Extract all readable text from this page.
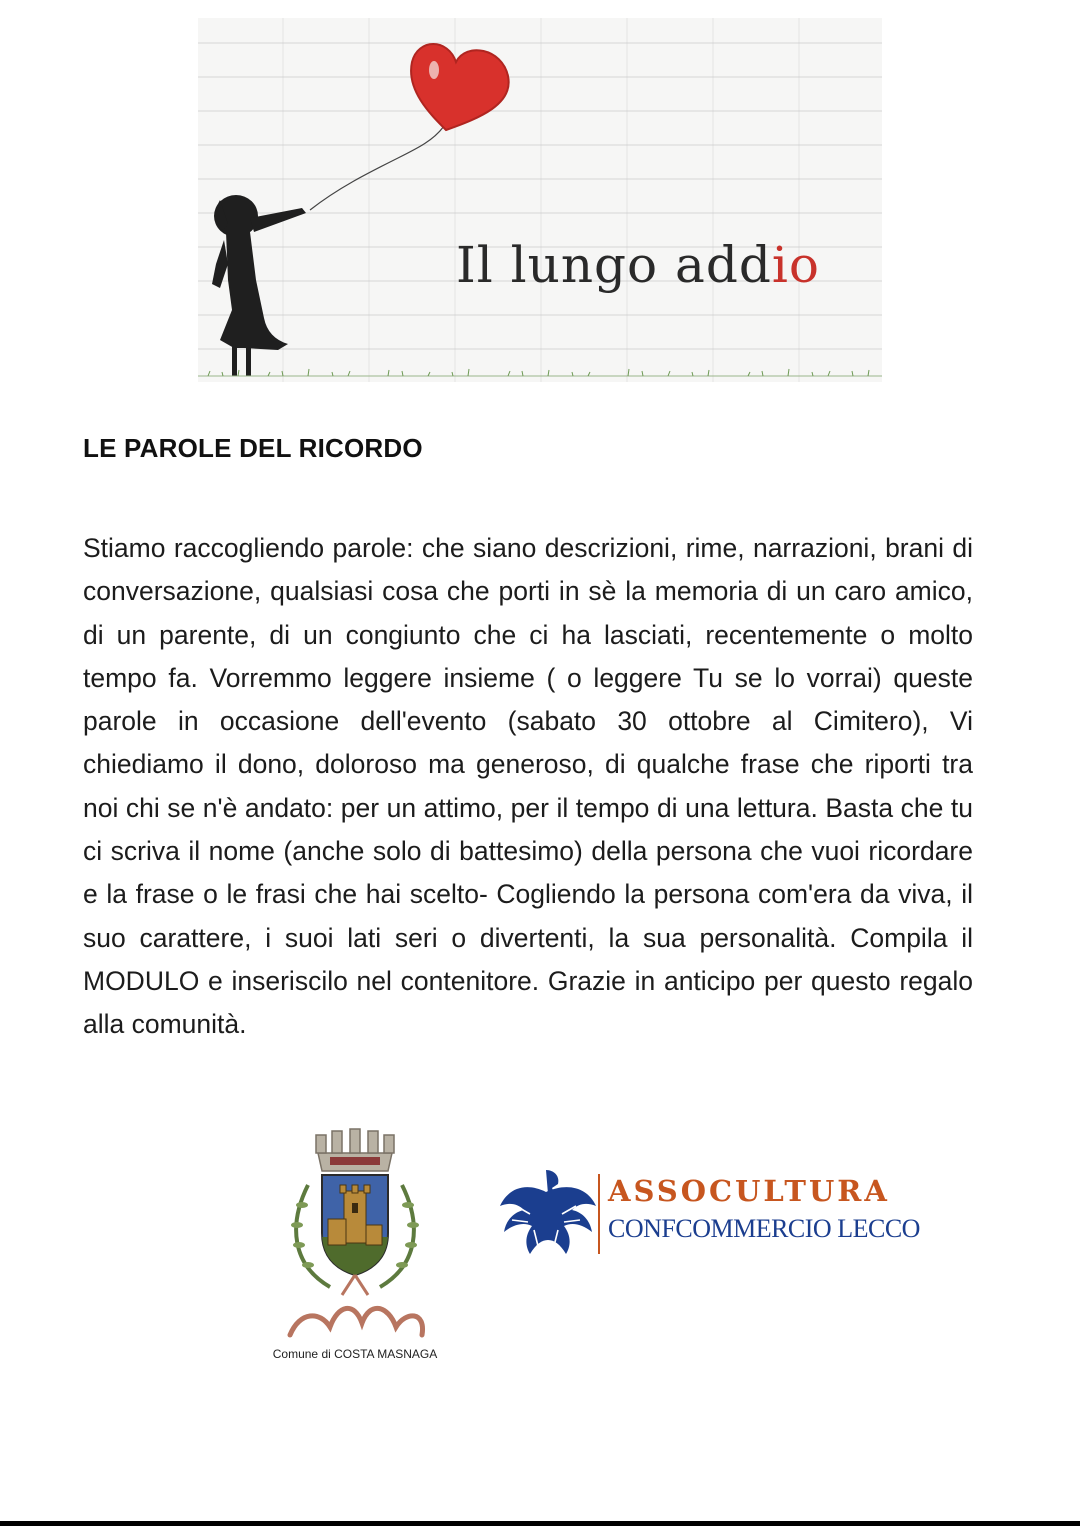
Il lungo addio
LE PAROLE DEL RICORDO

Stiamo raccogliendo parole: che siano descrizioni, rime, narrazioni, brani di conversazione, qualsiasi cosa che porti in sè la memoria di un caro amico, di un parente, di un congiunto che ci ha lasciati, recentemente o molto tempo fa. Vorremmo leggere insieme ( o leggere Tu se lo vorrai) queste parole in occasione dell'evento (sabato 30 ottobre al Cimitero), Vi chiediamo il dono, doloroso ma generoso, di qualche frase che riporti tra noi chi se n'è andato: per un attimo, per il tempo di una lettura. Basta che tu ci scriva il nome (anche solo di battesimo) della persona che vuoi ricordare e la frase o le frasi che hai scelto- Cogliendo la persona com'era da viva, il suo carattere, i suoi lati seri o divertenti, la sua personalità. Compila il MODULO e inseriscilo nel contenitore. Grazie in anticipo per questo regalo alla comunità.

Comune di COSTA MASNAGA
ASSOCULTURA
CONFCOMMERCIO LECCO
